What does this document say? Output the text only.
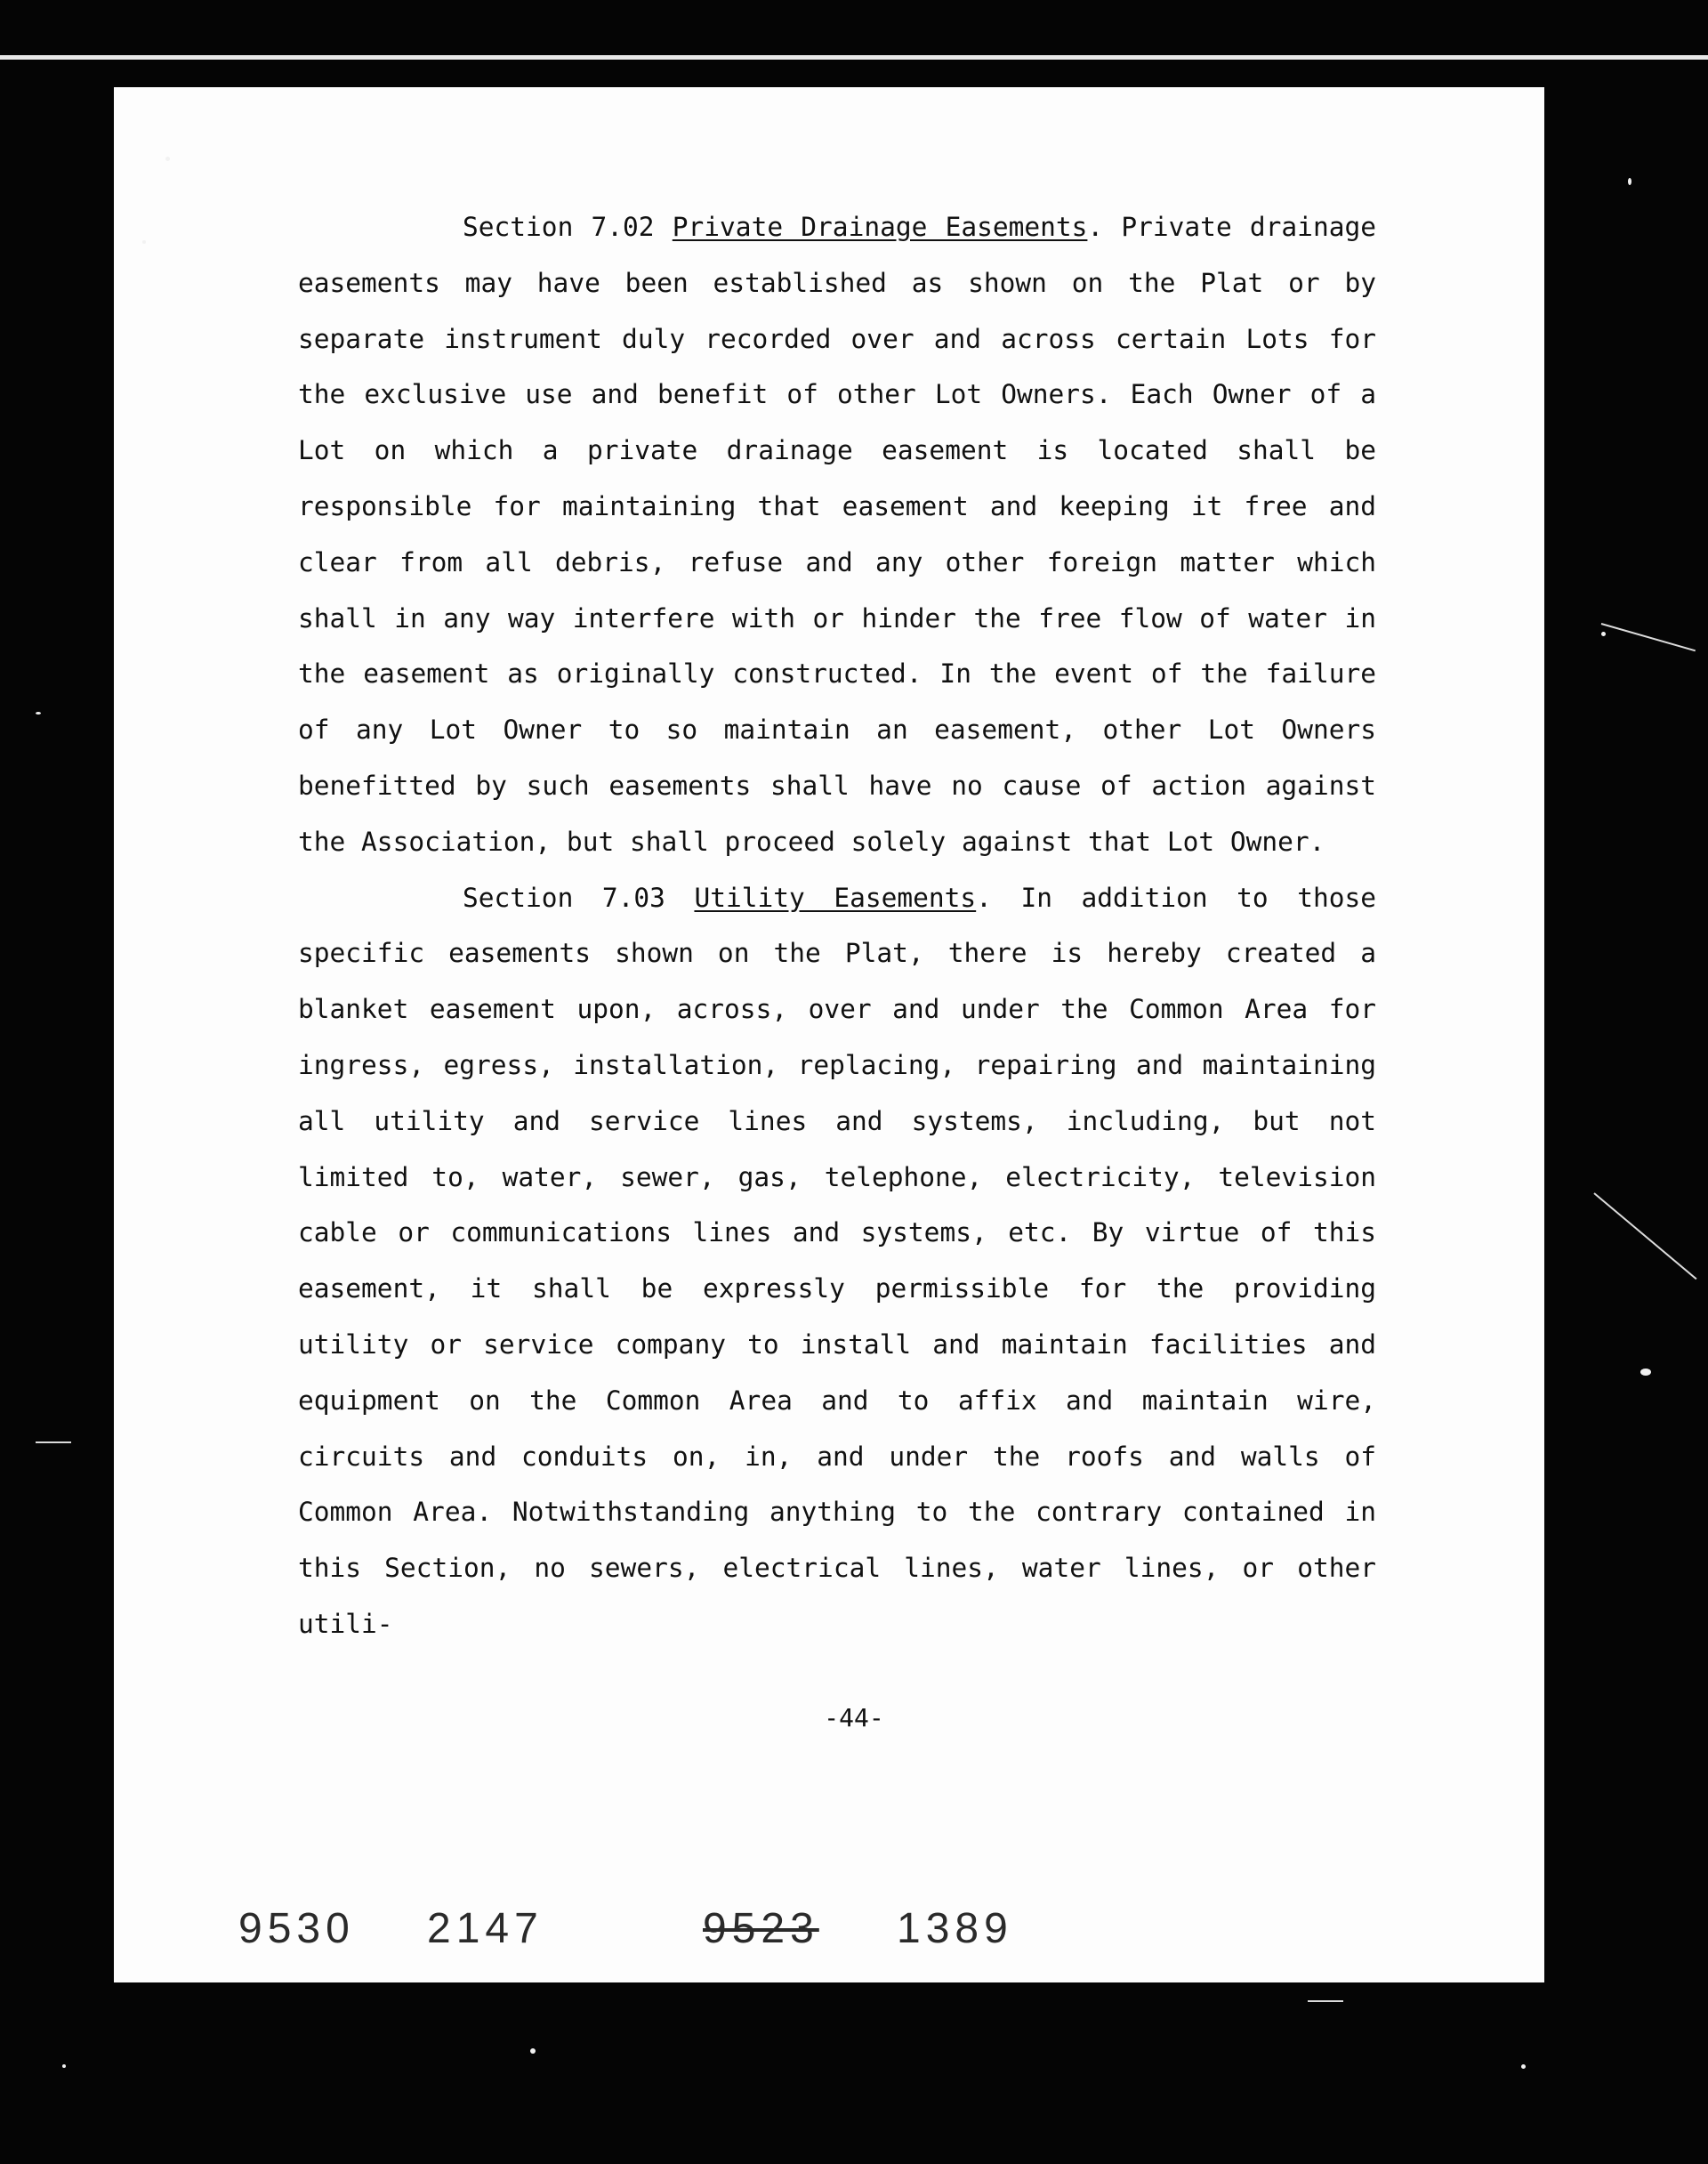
Section 7.02 Private Drainage Easements. Private drainage easements may have been established as shown on the Plat or by separate instrument duly recorded over and across certain Lots for the exclusive use and benefit of other Lot Owners. Each Owner of a Lot on which a private drainage easement is located shall be responsible for maintaining that easement and keeping it free and clear from all debris, refuse and any other foreign matter which shall in any way interfere with or hinder the free flow of water in the easement as originally constructed. In the event of the failure of any Lot Owner to so maintain an easement, other Lot Owners benefitted by such easements shall have no cause of action against the Association, but shall proceed solely against that Lot Owner.

Section 7.03 Utility Easements. In addition to those specific easements shown on the Plat, there is hereby created a blanket easement upon, across, over and under the Common Area for ingress, egress, installation, replacing, repairing and maintaining all utility and service lines and systems, including, but not limited to, water, sewer, gas, telephone, electricity, television cable or communications lines and systems, etc. By virtue of this easement, it shall be expressly permissible for the providing utility or service company to install and maintain facilities and equipment on the Common Area and to affix and maintain wire, circuits and conduits on, in, and under the roofs and walls of Common Area. Notwithstanding anything to the contrary contained in this Section, no sewers, electrical lines, water lines, or other utili-

-44-
9530 2147	9523 1389
